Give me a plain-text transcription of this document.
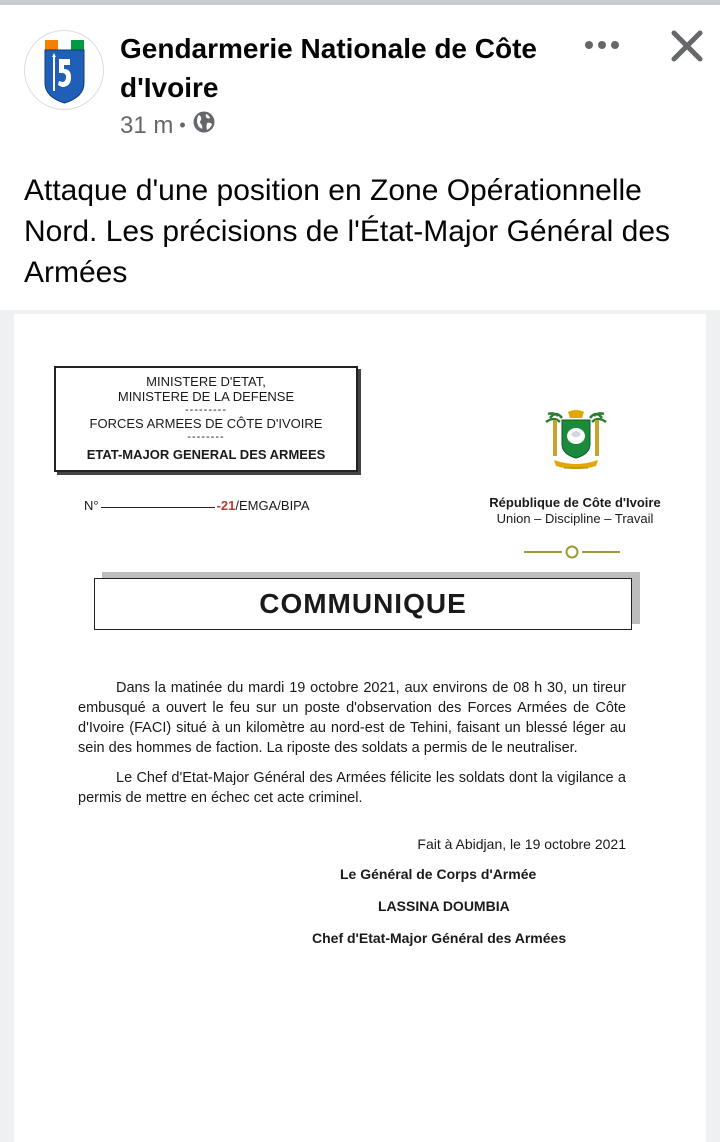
Gendarmerie Nationale de Côte d'Ivoire
31 m •
Attaque d'une position en Zone Opérationnelle Nord. Les précisions de l'État-Major Général des Armées
MINISTERE D'ETAT,
MINISTERE DE LA DEFENSE
---------
FORCES ARMEES DE CÔTE D'IVOIRE
--------
ETAT-MAJOR GENERAL DES ARMEES
N°	-21/EMGA/BIPA	République de Côte d'Ivoire
Union – Discipline – Travail
COMMUNIQUE

Dans la matinée du mardi 19 octobre 2021, aux environs de 08 h 30, un tireur embusqué a ouvert le feu sur un poste d'observation des Forces Armées de Côte d'Ivoire (FACI) situé à un kilomètre au nord-est de Tehini, faisant un blessé léger au sein des hommes de faction. La riposte des soldats a permis de le neutraliser.

Le Chef d'Etat-Major Général des Armées félicite les soldats dont la vigilance a permis de mettre en échec cet acte criminel.

Fait à Abidjan, le 19 octobre 2021
Le Général de Corps d'Armée
LASSINA DOUMBIA
Chef d'Etat-Major Général des Armées
